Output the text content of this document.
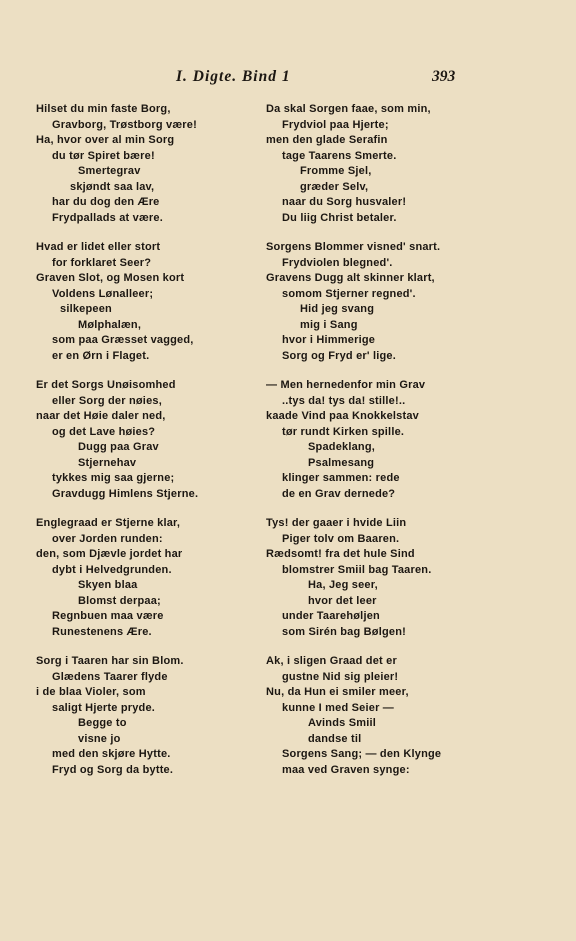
I. Digte. Bind 1	393
Hilset du min faste Borg,
Gravborg, Trøstborg være!
Ha, hvor over al min Sorg
du tør Spiret bære!
Smertegrav
skjøndt saa lav,
har du dog den Ære
Frydpallads at være.
Hvad er lidet eller stort
for forklaret Seer?
Graven Slot, og Mosen kort
Voldens Lønalleer;
silkepeen
Mølphalæn,
som paa Græsset vagged,
er en Ørn i Flaget.
Er det Sorgs Unøisomhed
eller Sorg der nøies,
naar det Høie daler ned,
og det Lave høies?
Dugg paa Grav
Stjernehav
tykkes mig saa gjerne;
Gravdugg Himlens Stjerne.
Englegraad er Stjerne klar,
over Jorden runden:
den, som Djævle jordet har
dybt i Helvedgrunden.
Skyen blaa
Blomst derpaa;
Regnbuen maa være
Runestenens Ære.
Sorg i Taaren har sin Blom.
Glædens Taarer flyde
i de blaa Violer, som
saligt Hjerte pryde.
Begge to
visne jo
med den skjøre Hytte.
Fryd og Sorg da bytte.
Da skal Sorgen faae, som min,
Frydviol paa Hjerte;
men den glade Serafin
tage Taarens Smerte.
Fromme Sjel,
græder Selv,
naar du Sorg husvaler!
Du liig Christ betaler.
Sorgens Blommer visned' snart.
Frydviolen blegned'.
Gravens Dugg alt skinner klart,
somom Stjerner regned'.
Hid jeg svang
mig i Sang
hvor i Himmerige
Sorg og Fryd er' lige.
— Men hernedenfor min Grav
..tys da! tys da! stille!..
kaade Vind paa Knokkelstav
tør rundt Kirken spille.
Spadeklang,
Psalmesang
klinger sammen: rede
de en Grav dernede?
Tys! der gaaer i hvide Liin
Piger tolv om Baaren.
Rædsomt! fra det hule Sind
blomstrer Smiil bag Taaren.
Ha, Jeg seer,
hvor det leer
under Taarehøljen
som Sirén bag Bølgen!
Ak, i sligen Graad det er
gustne Nid sig pleier!
Nu, da Hun ei smiler meer,
kunne I med Seier —
Avinds Smiil
dandse til
Sorgens Sang; — den Klynge
maa ved Graven synge:
